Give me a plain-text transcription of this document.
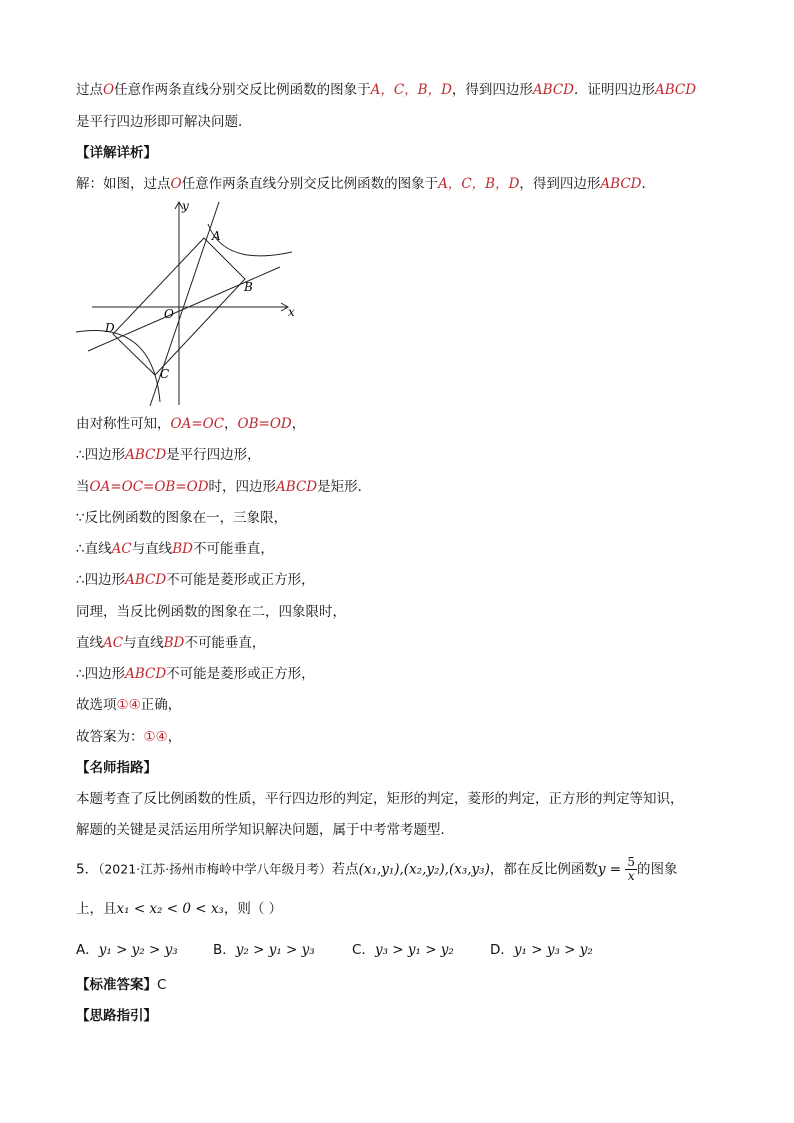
过点O任意作两条直线分别交反比例函数的图象于A，C，B，D，得到四边形ABCD．证明四边形ABCD
是平行四边形即可解决问题．
【详解详析】
解：如图，过点O任意作两条直线分别交反比例函数的图象于A，C，B，D，得到四边形ABCD．
y
x
O
A
B
C
D
由对称性可知，OA=OC，OB=OD，
∴四边形ABCD是平行四边形，
当OA=OC=OB=OD时，四边形ABCD是矩形．
∵反比例函数的图象在一，三象限，
∴直线AC与直线BD不可能垂直，
∴四边形ABCD不可能是菱形或正方形，
同理，当反比例函数的图象在二，四象限时，
直线AC与直线BD不可能垂直，
∴四边形ABCD不可能是菱形或正方形，
故选项①④正确，
故答案为：①④，
【名师指路】
本题考查了反比例函数的性质，平行四边形的判定，矩形的判定，菱形的判定，正方形的判定等知识，
解题的关键是灵活运用所学知识解决问题，属于中考常考题型．
5．（2021·江苏·扬州市梅岭中学八年级月考）若点(x₁,y₁),(x₂,y₂),(x₃,y₃)，都在反比例函数$y = \frac{5}{x}$ 的图象
上，且x₁ < x₂ < 0 < x₃，则（ ）
A．y₁ > y₂ > y₃	B．y₂ > y₁ > y₃	C．y₃ > y₁ > y₂	D．y₁ > y₃ > y₂
【标准答案】C
【思路指引】
